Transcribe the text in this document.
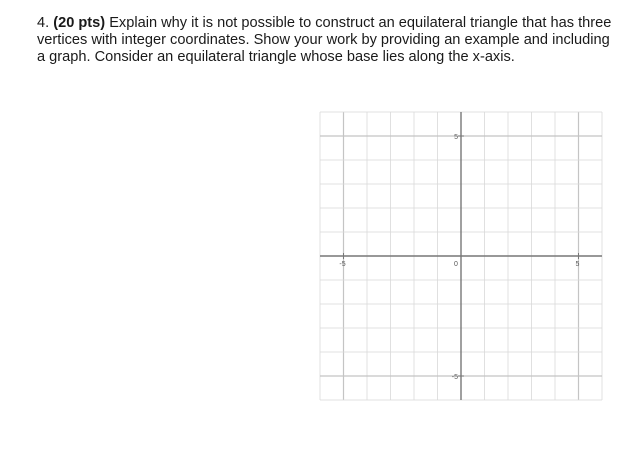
4. (20 pts) Explain why it is not possible to construct an equilateral triangle that has three vertices with integer coordinates. Show your work by providing an example and including a graph. Consider an equilateral triangle whose base lies along the x-axis.

-5	0	5
5
-5
